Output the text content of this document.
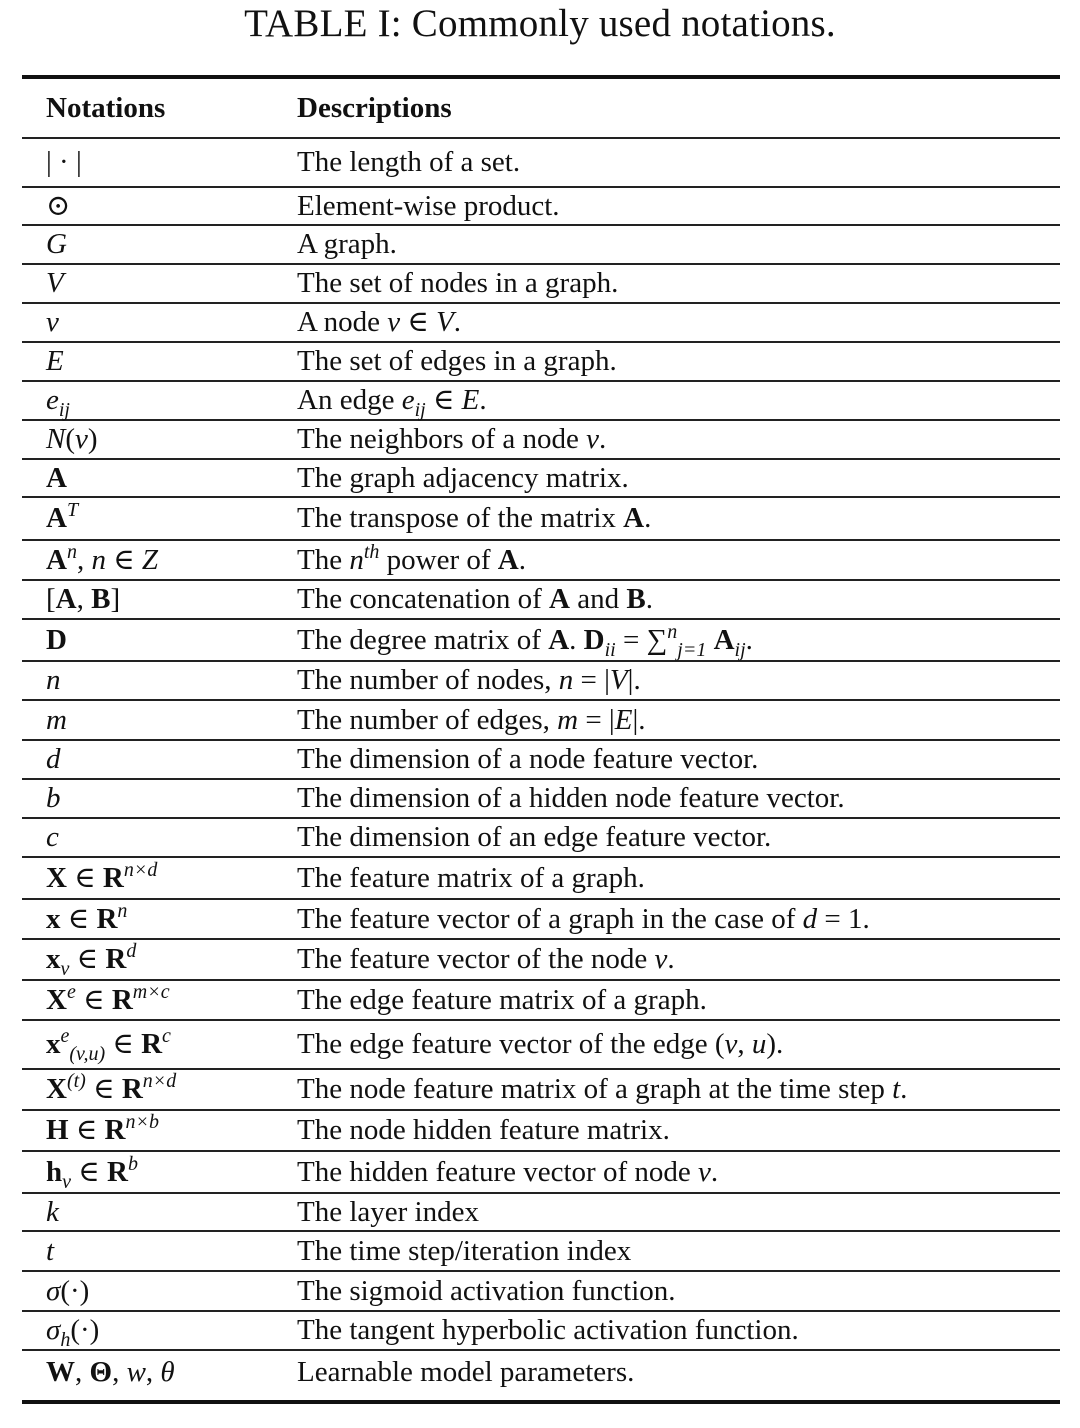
TABLE I: Commonly used notations.
Notations	Descriptions
| · |	The length of a set.
⊙	Element-wise product.
G	A graph.
V	The set of nodes in a graph.
v	A node v ∈ V.
E	The set of edges in a graph.
$e_{ij}$	An edge $e_{ij}$ ∈ E.
N(v)	The neighbors of a node v.
A	The graph adjacency matrix.
$A^T$	The transpose of the matrix A.
$A^n$, n ∈ Z	The $n^{th}$ power of A.
[A, B]	The concatenation of A and B.
D	The degree matrix of A. $D_{ii} = \sum^n_{j=1}$ $A_{ij}$.
n	The number of nodes, n = |V|.
m	The number of edges, m = |E|.
d	The dimension of a node feature vector.
b	The dimension of a hidden node feature vector.
c	The dimension of an edge feature vector.
X ∈ $R^{n\times d}$	The feature matrix of a graph.
x ∈ $R^n$	The feature vector of a graph in the case of d = 1.
$x_v$ ∈ $R^d$	The feature vector of the node v.
Xe ∈ $R^{m\times c}$	The edge feature matrix of a graph.
$x^e_{(v,u)}$ ∈ $R^c$	The edge feature vector of the edge (v, u).
$X^{(t)}$ ∈ $R^{n\times d}$	The node feature matrix of a graph at the time step t.
H ∈ $R^{n\times b}$	The node hidden feature matrix.
$h_v$ ∈ $R^b$	The hidden feature vector of node v.
k	The layer index
t	The time step/iteration index
σ(·)	The sigmoid activation function.
$\sigma_h(\cdot)$	The tangent hyperbolic activation function.
W, Θ, w, θ	Learnable model parameters.
